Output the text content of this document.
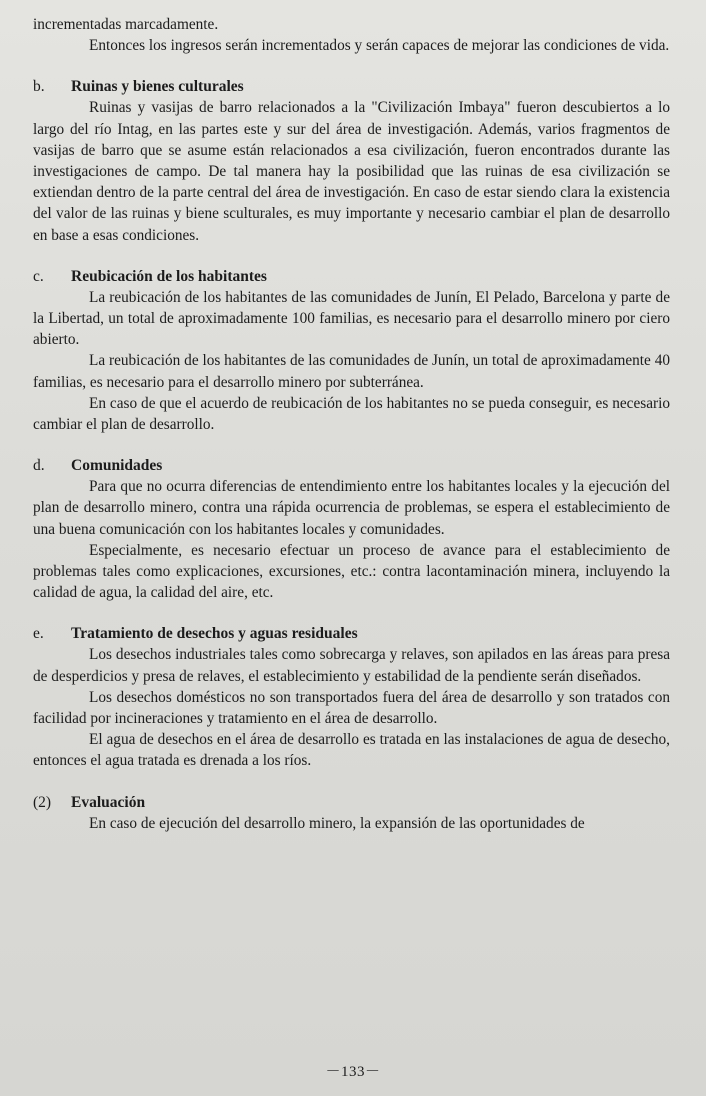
incrementadas marcadamente.

Entonces los ingresos serán incrementados y serán capaces de mejorar las condiciones de vida.

b. Ruinas y bienes culturales

Ruinas y vasijas de barro relacionados a la "Civilización Imbaya" fueron descubiertos a lo largo del río Intag, en las partes este y sur del área de investigación. Además, varios fragmentos de vasijas de barro que se asume están relacionados a esa civilización, fueron encontrados durante las investigaciones de campo. De tal manera hay la posibilidad que las ruinas de esa civilización se extiendan dentro de la parte central del área de investigación. En caso de estar siendo clara la existencia del valor de las ruinas y biene sculturales, es muy importante y necesario cambiar el plan de desarrollo en base a esas condiciones.

c. Reubicación de los habitantes

La reubicación de los habitantes de las comunidades de Junín, El Pelado, Barcelona y parte de la Libertad, un total de aproximadamente 100 familias, es necesario para el desarrollo minero por ciero abierto.

La reubicación de los habitantes de las comunidades de Junín, un total de aproximadamente 40 familias, es necesario para el desarrollo minero por subterránea.

En caso de que el acuerdo de reubicación de los habitantes no se pueda conseguir, es necesario cambiar el plan de desarrollo.

d. Comunidades

Para que no ocurra diferencias de entendimiento entre los habitantes locales y la ejecución del plan de desarrollo minero, contra una rápida ocurrencia de problemas, se espera el establecimiento de una buena comunicación con los habitantes locales y comunidades.

Especialmente, es necesario efectuar un proceso de avance para el establecimiento de problemas tales como explicaciones, excursiones, etc.: contra lacontaminación minera, incluyendo la calidad de agua, la calidad del aire, etc.

e. Tratamiento de desechos y aguas residuales

Los desechos industriales tales como sobrecarga y relaves, son apilados en las áreas para presa de desperdicios y presa de relaves, el establecimiento y estabilidad de la pendiente serán diseñados.

Los desechos domésticos no son transportados fuera del área de desarrollo y son tratados con facilidad por incineraciones y tratamiento en el área de desarrollo.

El agua de desechos en el área de desarrollo es tratada en las instalaciones de agua de desecho, entonces el agua tratada es drenada a los ríos.

(2) Evaluación

En caso de ejecución del desarrollo minero, la expansión de las oportunidades de

－133－
